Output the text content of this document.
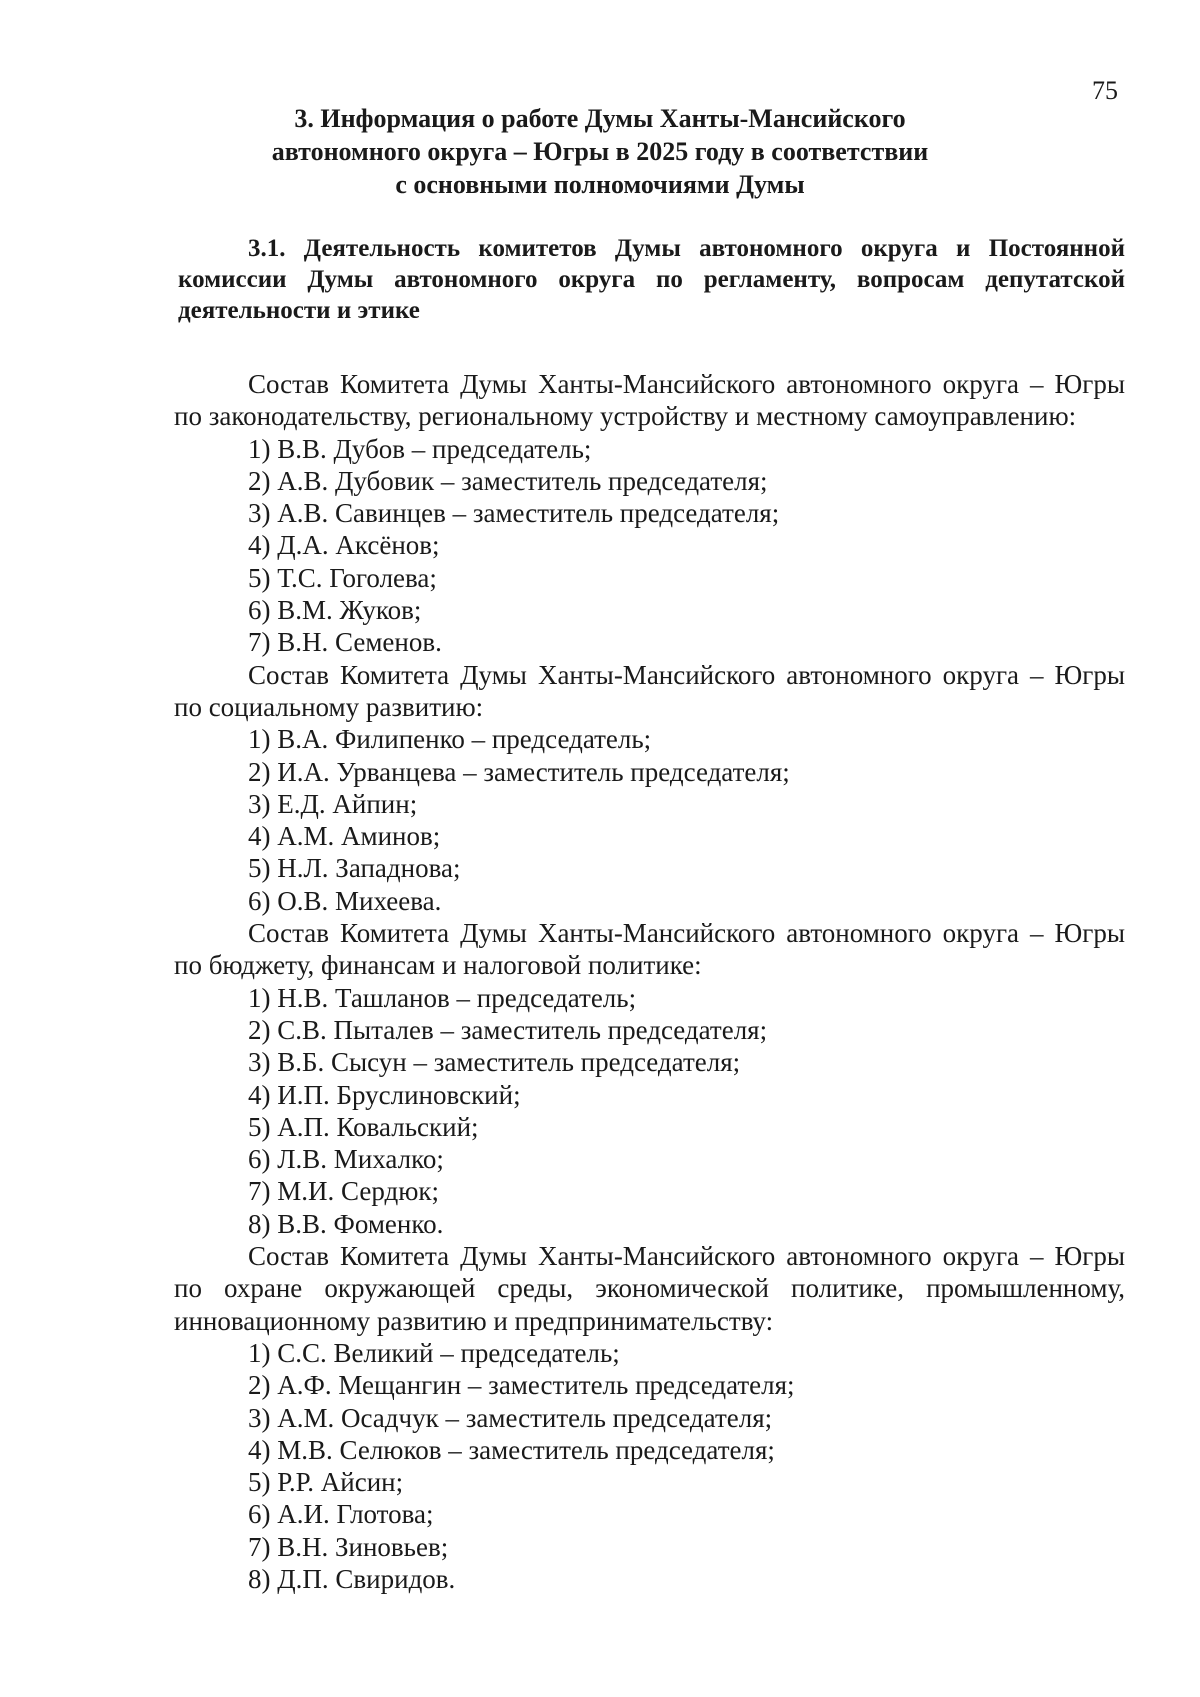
75
3. Информация о работе Думы Ханты-Мансийского
автономного округа – Югры в 2025 году в соответствии
с основными полномочиями Думы
3.1. Деятельность комитетов Думы автономного округа и Постоянной комиссии Думы автономного округа по регламенту, вопросам депутатской деятельности и этике

Состав Комитета Думы Ханты-Мансийского автономного округа – Югры по законодательству, региональному устройству и местному самоуправлению:

1) В.В. Дубов – председатель;
2) А.В. Дубовик – заместитель председателя;
3) А.В. Савинцев – заместитель председателя;
4) Д.А. Аксёнов;
5) Т.С. Гоголева;
6) В.М. Жуков;
7) В.Н. Семенов.

Состав Комитета Думы Ханты-Мансийского автономного округа – Югры по социальному развитию:

1) В.А. Филипенко – председатель;
2) И.А. Урванцева – заместитель председателя;
3) Е.Д. Айпин;
4) А.М. Аминов;
5) Н.Л. Западнова;
6) О.В. Михеева.

Состав Комитета Думы Ханты-Мансийского автономного округа – Югры по бюджету, финансам и налоговой политике:

1) Н.В. Ташланов – председатель;
2) С.В. Пыталев – заместитель председателя;
3) В.Б. Сысун – заместитель председателя;
4) И.П. Бруслиновский;
5) А.П. Ковальский;
6) Л.В. Михалко;
7) М.И. Сердюк;
8) В.В. Фоменко.

Состав Комитета Думы Ханты-Мансийского автономного округа – Югры по охране окружающей среды, экономической политике, промышленному, инновационному развитию и предпринимательству:

1) С.С. Великий – председатель;
2) А.Ф. Мещангин – заместитель председателя;
3) А.М. Осадчук – заместитель председателя;
4) М.В. Селюков – заместитель председателя;
5) Р.Р. Айсин;
6) А.И. Глотова;
7) В.Н. Зиновьев;
8) Д.П. Свиридов.
